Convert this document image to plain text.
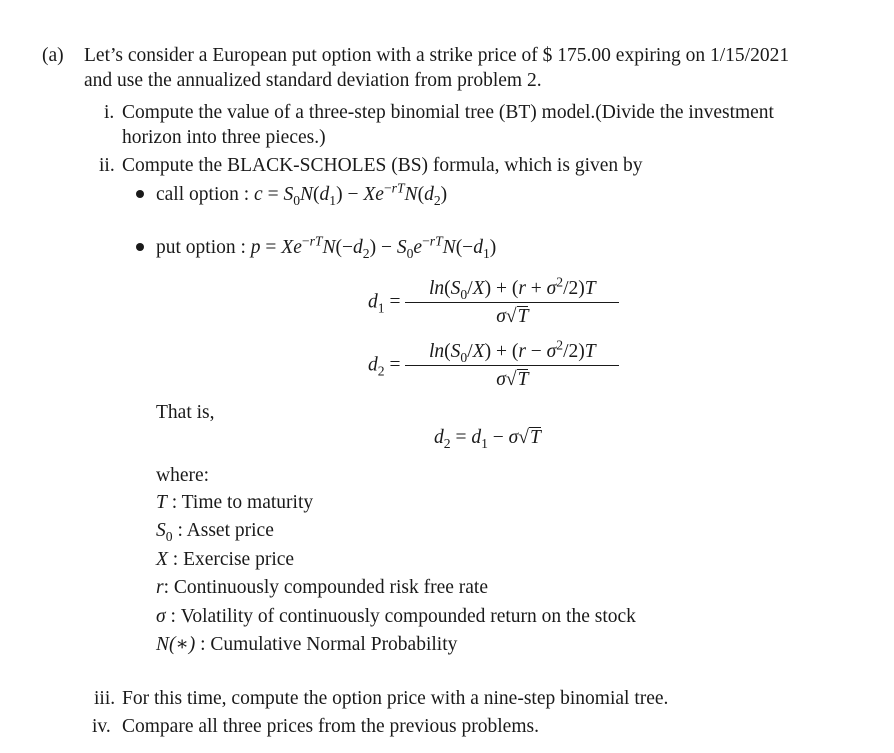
(a) Let’s consider a European put option with a strike price of $ 175.00 expiring on 1/15/2021
and use the annualized standard deviation from problem 2.
i. Compute the value of a three-step binomial tree (BT) model.(Divide the investment
horizon into three pieces.)
ii. Compute the BLACK-SCHOLES (BS) formula, which is given by
call option : $c = S_0N(d_1) - Xe^{-rT}N(d_2)$
put option : $p = Xe^{-rT}N(-d_2) - S_0e^{-rT}N(-d_1)$
$d_1 = \frac{\ln(S_0/X) + (r + \sigma^2/2)T}{\sigma√T}$
$d_2 = \frac{\ln(S_0/X) + (r - \sigma^2/2)T}{\sigma√T}$
That is,
$d_2 = d_1 - \sigma√T$
where:
T : Time to maturity
$S_0$ : Asset price
X : Exercise price
r: Continuously compounded risk free rate
σ : Volatility of continuously compounded return on the stock
N(∗) : Cumulative Normal Probability
iii. For this time, compute the option price with a nine-step binomial tree.
iv. Compare all three prices from the previous problems.
